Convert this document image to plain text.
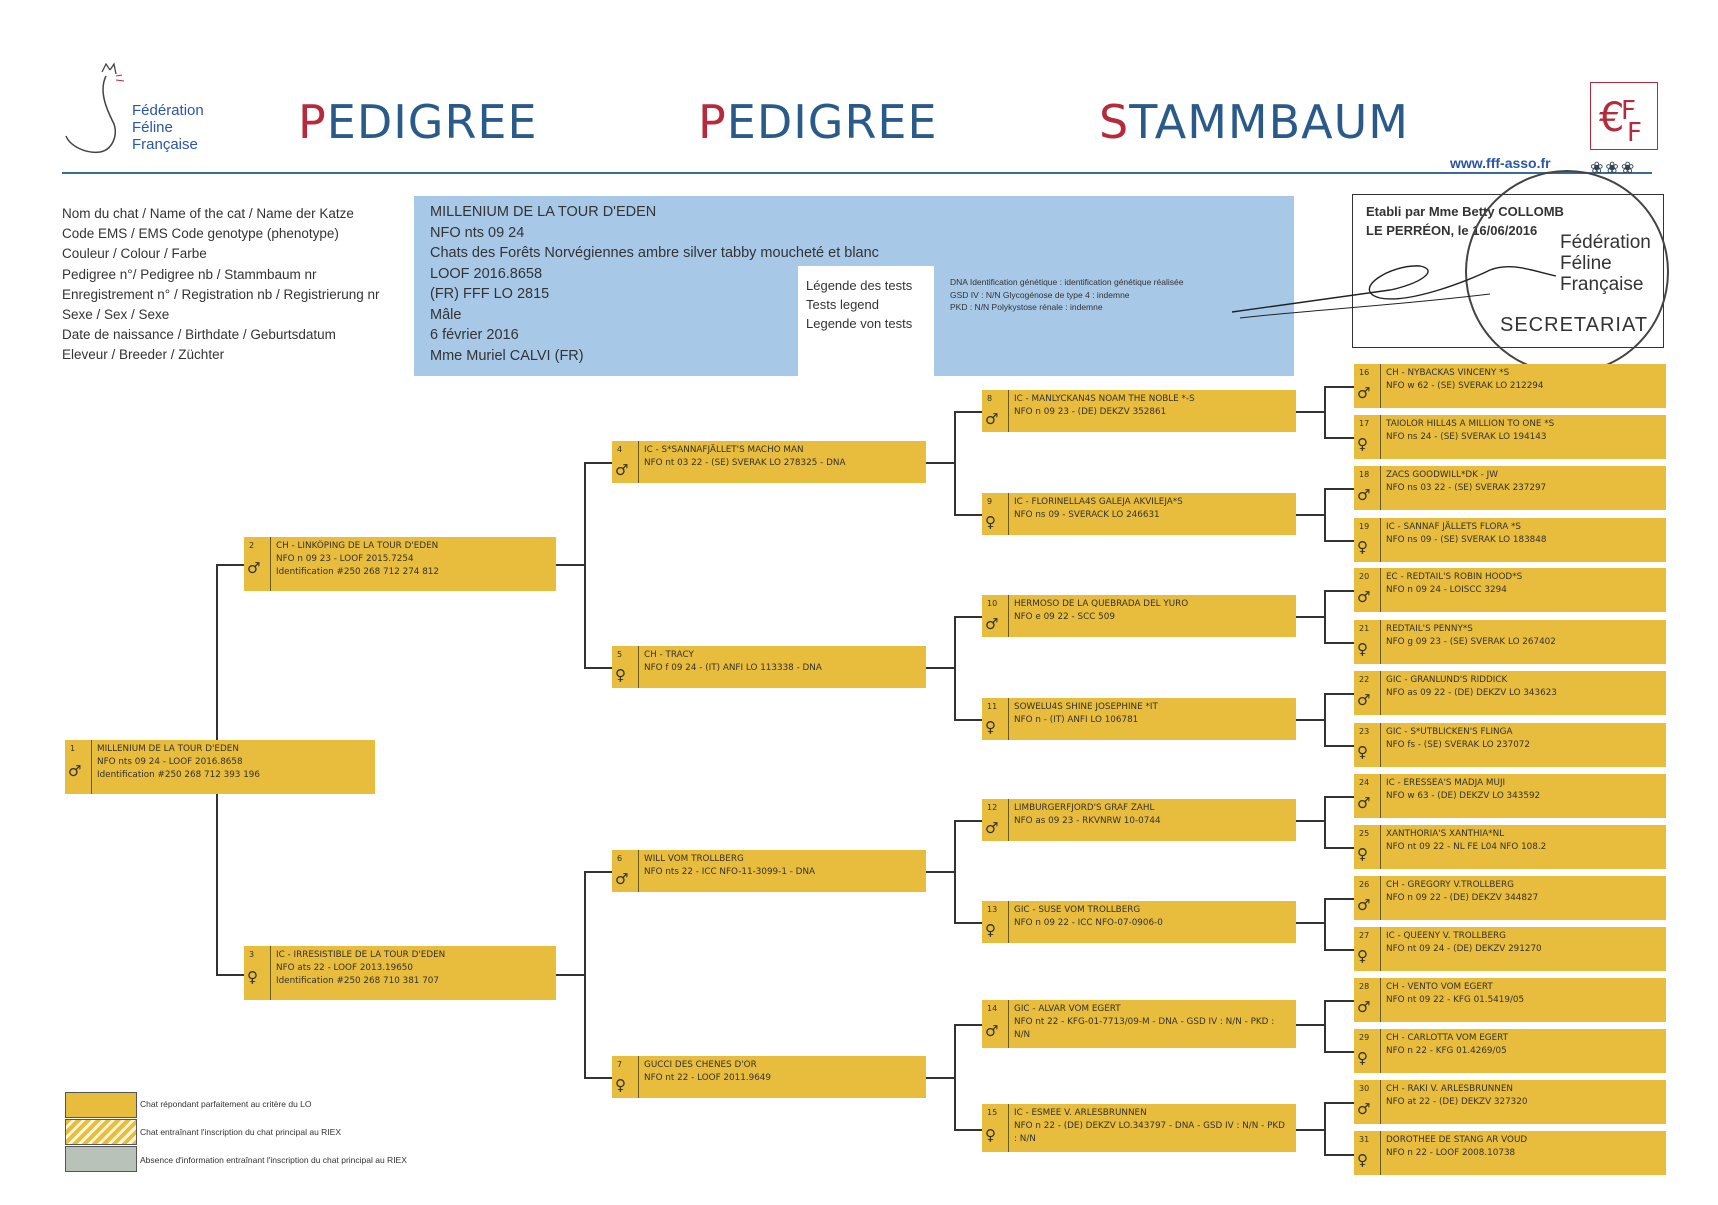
Fédération
Féline
Française PEDIGREE	PEDIGREE	STAMMBAUM	€
F
F
www.fff-asso.fr ❀❀❀
Nom du chat / Name of the cat / Name der Katze
Code EMS / EMS Code genotype (phenotype)
Couleur / Colour / Farbe
Pedigree n°/ Pedigree nb / Stammbaum nr
Enregistrement n° / Registration nb / Registrierung nr
Sexe / Sex / Sexe
Date de naissance / Birthdate / Geburtsdatum
Eleveur / Breeder / Züchter
MILLENIUM DE LA TOUR D'EDEN
NFO nts 09 24
Chats des Forêts Norvégiennes ambre silver tabby moucheté et blanc
LOOF 2016.8658
(FR) FFF LO 2815
Mâle
6 février 2016
Mme Muriel CALVI (FR)
Légende des tests
Tests legend
Legende von tests
DNA Identification génétique : identification génétique réalisée
GSD IV : N/N Glycogénose de type 4 : indemne
PKD : N/N Polykystose rénale : indemne
Etabli par Mme Betty COLLOMB
LE PERRÉON, le 16/06/2016
Fédération
Féline
Française
SECRETARIAT
1
♂
MILLENIUM DE LA TOUR D'EDEN
NFO nts 09 24 - LOOF 2016.8658
Identification #250 268 712 393 196
2
♂
CH - LINKÖPING DE LA TOUR D'EDEN
NFO n 09 23 - LOOF 2015.7254
Identification #250 268 712 274 812
3
♀
IC - IRRESISTIBLE DE LA TOUR D'EDEN
NFO ats 22 - LOOF 2013.19650
Identification #250 268 710 381 707
4
♂
IC - S*SANNAFJÄLLET'S MACHO MAN
NFO nt 03 22 - (SE) SVERAK LO 278325 - DNA
5
♀
CH - TRACY
NFO f 09 24 - (IT) ANFI LO 113338 - DNA
6
♂
WILL VOM TROLLBERG
NFO nts 22 - ICC NFO-11-3099-1 - DNA
7
♀
GUCCI DES CHENES D'OR
NFO nt 22 - LOOF 2011.9649
8
♂
IC - MANLYCKAN4S NOAM THE NOBLE *-S
NFO n 09 23 - (DE) DEKZV 352861
9
♀
IC - FLORINELLA4S GALEJA AKVILEJA*S
NFO ns 09 - SVERACK LO 246631
10
♂
HERMOSO DE LA QUEBRADA DEL YURO
NFO e 09 22 - SCC 509
11
♀
SOWELU4S SHINE JOSEPHINE *IT
NFO n - (IT) ANFI LO 106781
12
♂
LIMBURGERFJORD'S GRAF ZAHL
NFO as 09 23 - RKVNRW 10-0744
13
♀
GIC - SUSE VOM TROLLBERG
NFO n 09 22 - ICC NFO-07-0906-0
14
♂
GIC - ALVAR VOM EGERT
NFO nt 22 - KFG-01-7713/09-M - DNA - GSD IV : N/N - PKD : N/N
15
♀
IC - ESMEE V. ARLESBRUNNEN
NFO n 22 - (DE) DEKZV LO.343797 - DNA - GSD IV : N/N - PKD : N/N
16
♂
CH - NYBACKAS VINCENY *S
NFO w 62 - (SE) SVERAK LO 212294
17
♀
TAIOLOR HILL4S A MILLION TO ONE *S
NFO ns 24 - (SE) SVERAK LO 194143
18
♂
ZACS GOODWILL*DK - JW
NFO ns 03 22 - (SE) SVERAK 237297
19
♀
IC - SANNAF JÄLLETS FLORA *S
NFO ns 09 - (SE) SVERAK LO 183848
20
♂
EC - REDTAIL'S ROBIN HOOD*S
NFO n 09 24 - LOISCC 3294
21
♀
REDTAIL'S PENNY*S
NFO g 09 23 - (SE) SVERAK LO 267402
22
♂
GIC - GRANLUND'S RIDDICK
NFO as 09 22 - (DE) DEKZV LO 343623
23
♀
GIC - S*UTBLICKEN'S FLINGA
NFO fs - (SE) SVERAK LO 237072
24
♂
IC - ERESSEA'S MADJA MUJI
NFO w 63 - (DE) DEKZV LO 343592
25
♀
XANTHORIA'S XANTHIA*NL
NFO nt 09 22 - NL FE L04 NFO 108.2
26
♂
CH - GREGORY V.TROLLBERG
NFO n 09 22 - (DE) DEKZV 344827
27
♀
IC - QUEENY V. TROLLBERG
NFO nt 09 24 - (DE) DEKZV 291270
28
♂
CH - VENTO VOM EGERT
NFO nt 09 22 - KFG 01.5419/05
29
♀
CH - CARLOTTA VOM EGERT
NFO n 22 - KFG 01.4269/05
30
♂
CH - RAKI V. ARLESBRUNNEN
NFO at 22 - (DE) DEKZV 327320
31
♀
DOROTHEE DE STANG AR VOUD
NFO n 22 - LOOF 2008.10738
Chat répondant parfaitement au critère du LO
Chat entraînant l'inscription du chat principal au RIEX
Absence d'information entraînant l'inscription du chat principal au RIEX
